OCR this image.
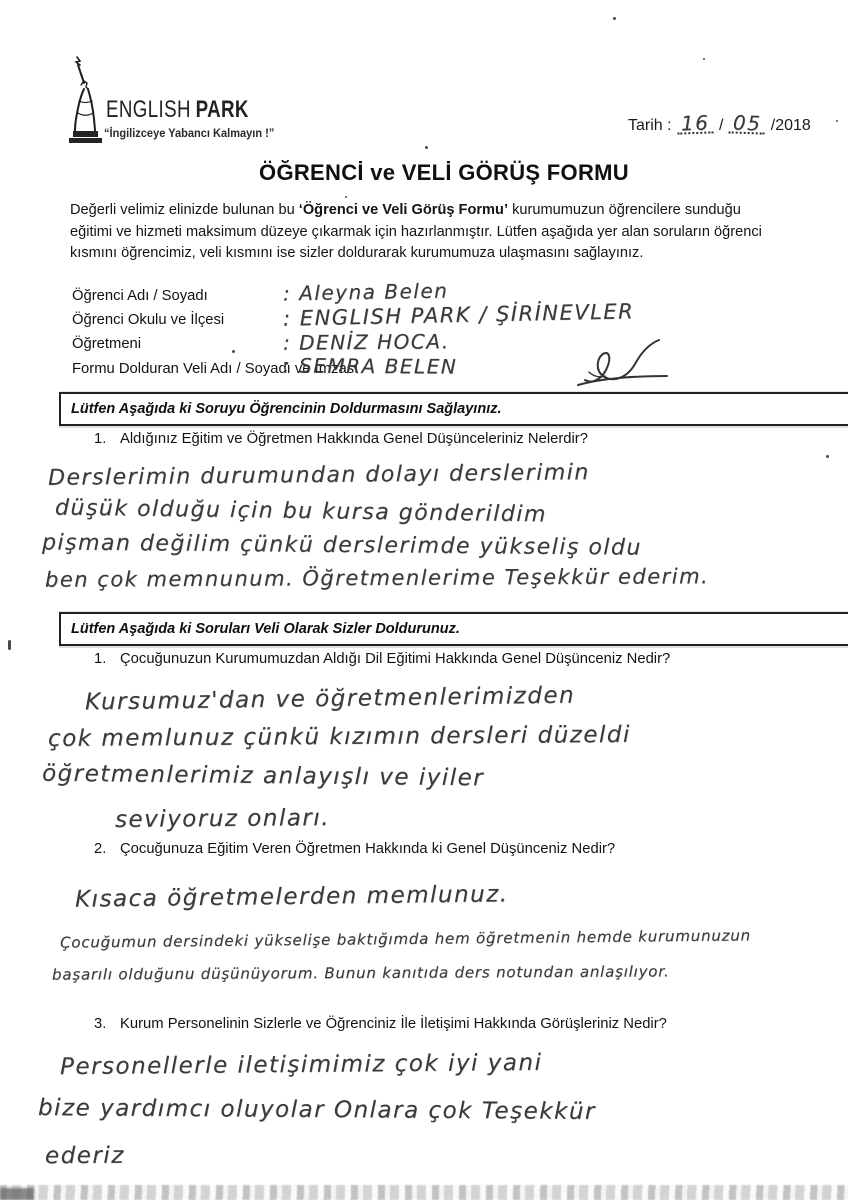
ENGLISH PARK
“İngilizceye Yabancı Kalmayın !”	Tarih : 16 / 05 /2018
ÖĞRENCİ ve VELİ GÖRÜŞ FORMU

Değerli velimiz elinizde bulunan bu ‘Öğrenci ve Veli Görüş Formu’ kurumumuzun öğrencilere sunduğu eğitimi ve hizmeti maksimum düzeye çıkarmak için hazırlanmıştır. Lütfen aşağıda yer alan soruların öğrenci kısmını öğrencimiz, veli kısmını ise sizler doldurarak kurumumuza ulaşmasını sağlayınız.

Öğrenci Adı / Soyadı
Öğrenci Okulu ve İlçesi
Öğretmeni
Formu Dolduran Veli Adı / Soyadı ve İmzası
: Aleyna Belen
: ENGLISH PARK / ŞİRİNEVLER
: DENİZ HOCA.
: SEMRA BELEN
Lütfen Aşağıda ki Soruyu Öğrencinin Doldurmasını Sağlayınız.
1. Aldığınız Eğitim ve Öğretmen Hakkında Genel Düşünceleriniz Nelerdir?
Derslerimin durumundan dolayı derslerimin
düşük olduğu için bu kursa gönderildim
pişman değilim çünkü derslerimde yükseliş oldu
ben çok memnunum. Öğretmenlerime Teşekkür ederim.
Lütfen Aşağıda ki Soruları Veli Olarak Sizler Doldurunuz.
1. Çocuğunuzun Kurumumuzdan Aldığı Dil Eğitimi Hakkında Genel Düşünceniz Nedir?
Kursumuz'dan ve öğretmenlerimizden
çok memlunuz çünkü kızımın dersleri düzeldi
öğretmenlerimiz anlayışlı ve iyiler
seviyoruz onları.
2. Çocuğunuza Eğitim Veren Öğretmen Hakkında ki Genel Düşünceniz Nedir?
Kısaca öğretmelerden memlunuz.
Çocuğumun dersindeki yükselişe baktığımda hem öğretmenin hemde kurumunuzun
başarılı olduğunu düşünüyorum. Bunun kanıtıda ders notundan anlaşılıyor.
3. Kurum Personelinin Sizlerle ve Öğrenciniz İle İletişimi Hakkında Görüşleriniz Nedir?
Personellerle iletişimimiz çok iyi yani
bize yardımcı oluyolar Onlara çok Teşekkür
ederiz
